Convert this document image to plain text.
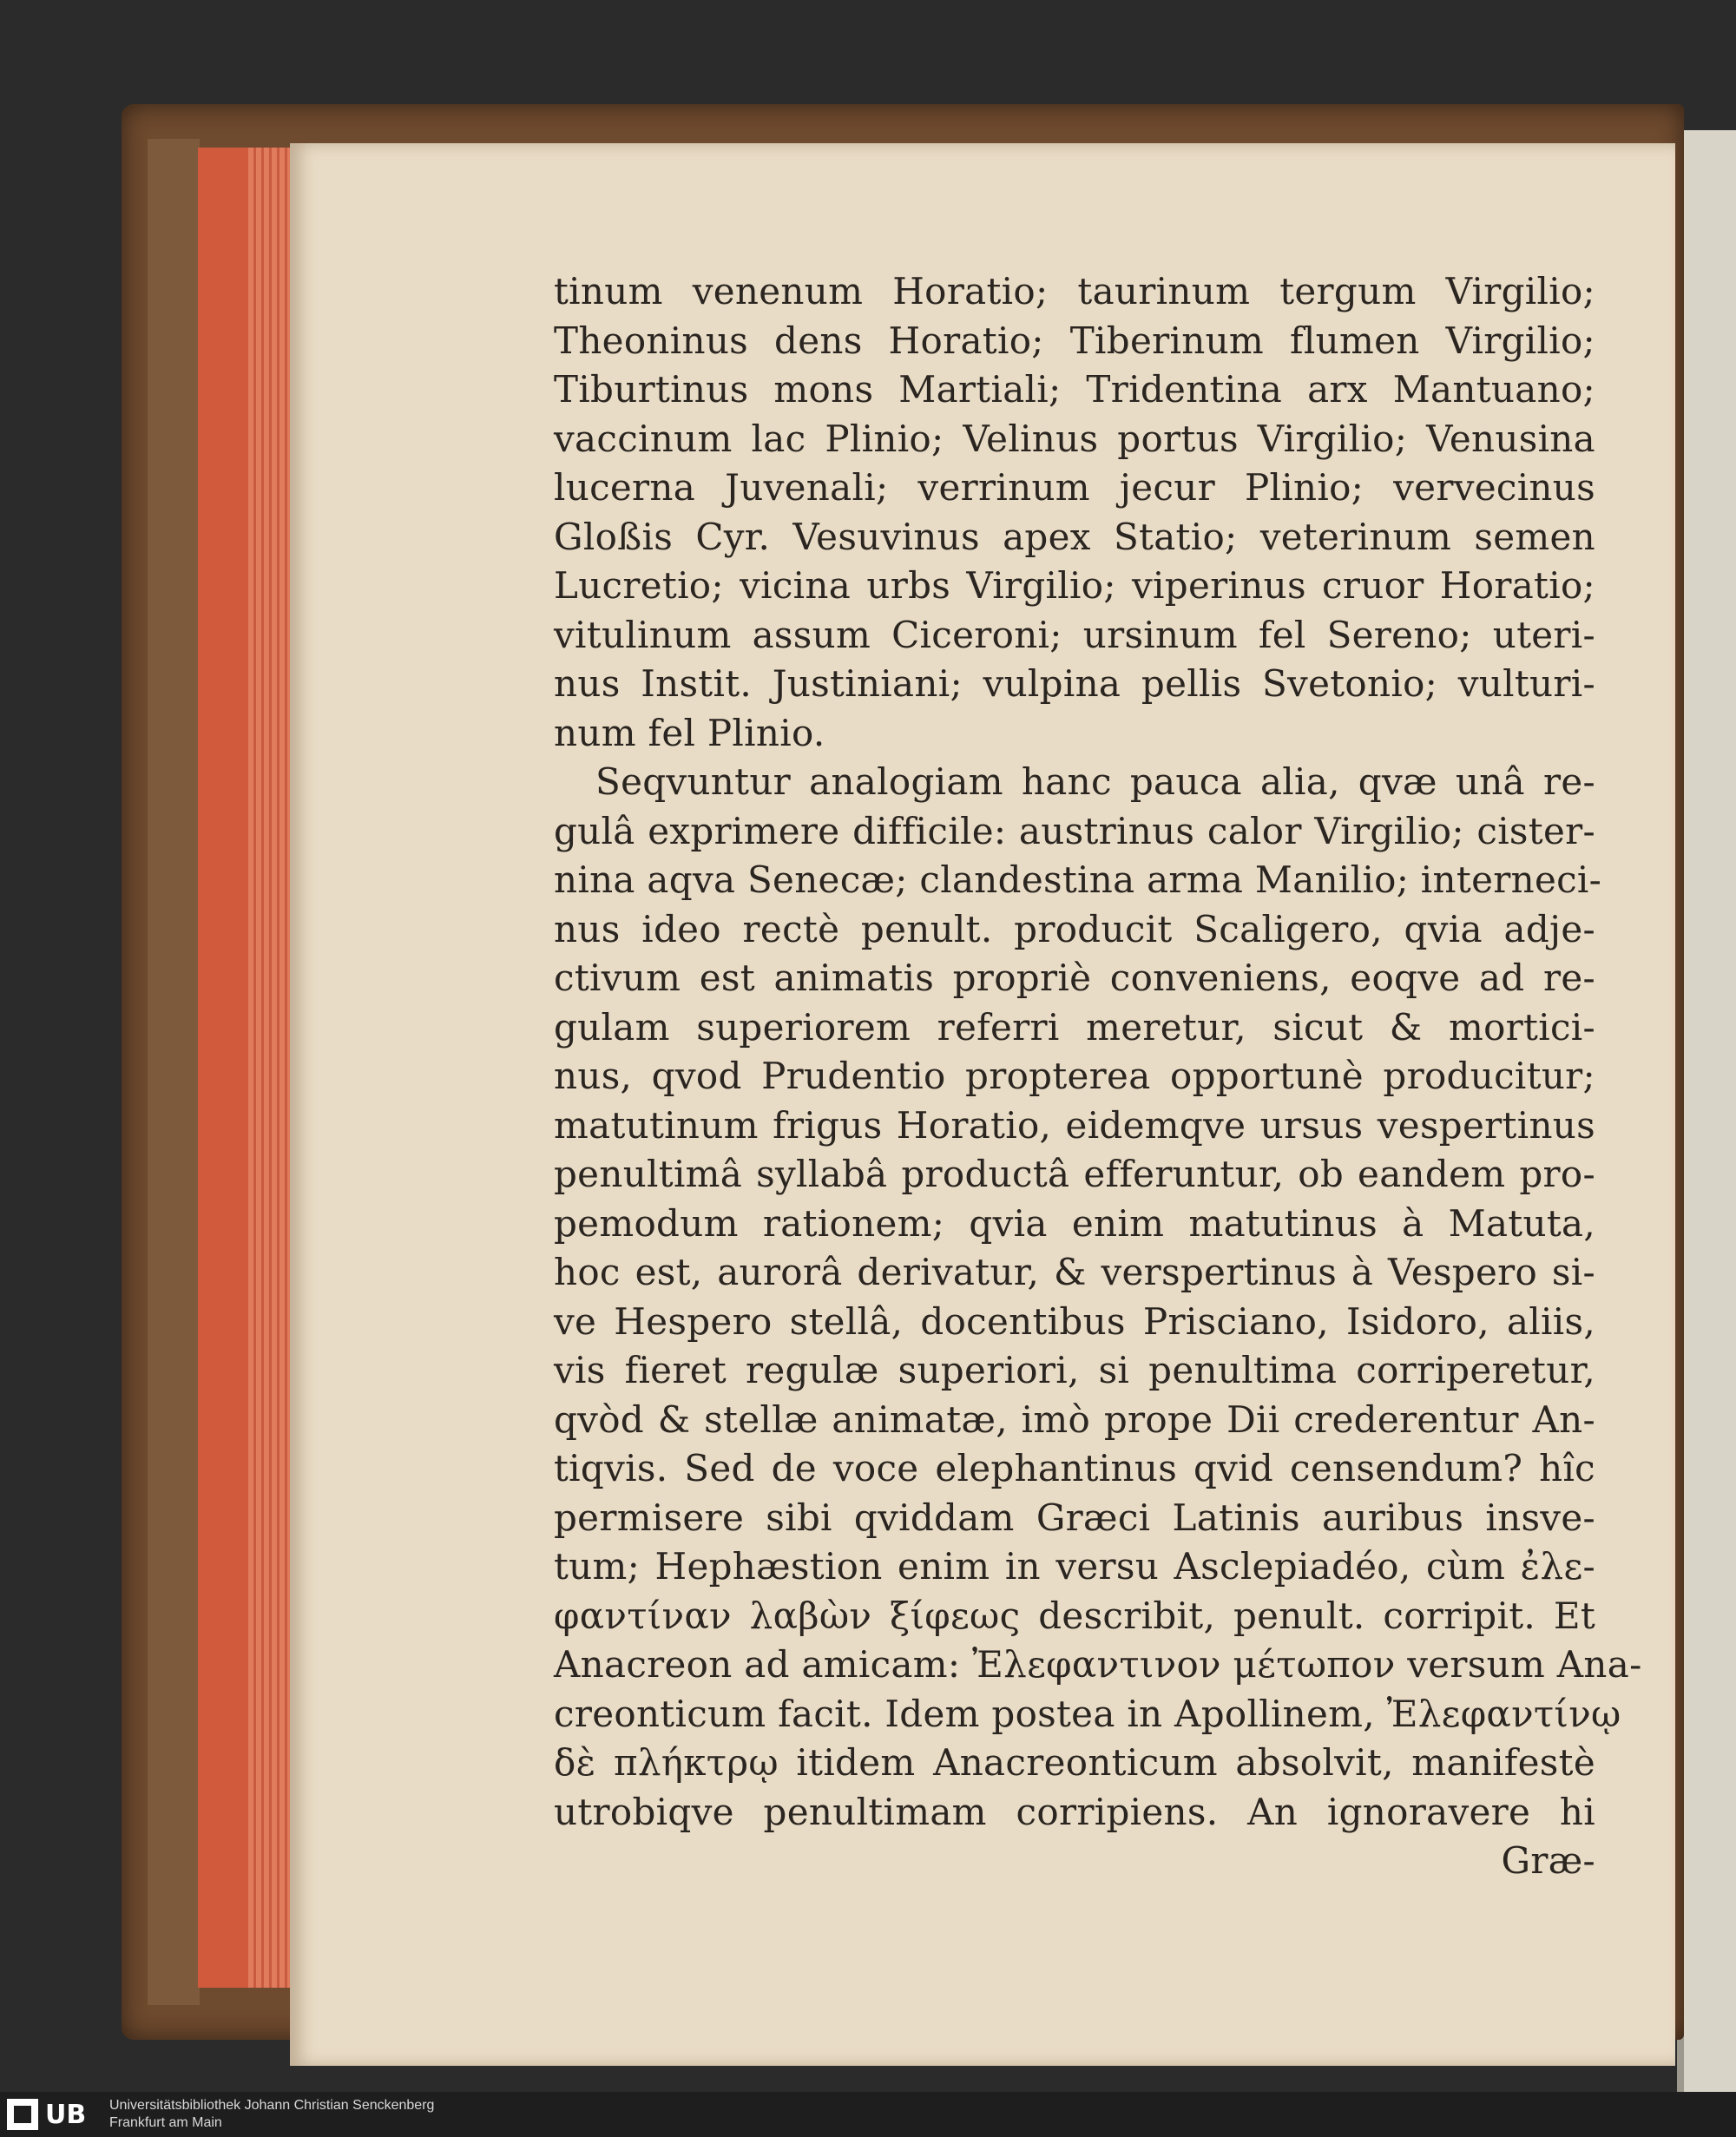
tinum venenum Horatio; taurinum tergum Virgilio;
Theoninus dens Horatio; Tiberinum flumen Virgilio;
Tiburtinus mons Martiali; Tridentina arx Mantuano;
vaccinum lac Plinio; Velinus portus Virgilio; Venusina
lucerna Juvenali; verrinum jecur Plinio; vervecinus
Gloßis Cyr. Vesuvinus apex Statio; veterinum semen
Lucretio; vicina urbs Virgilio; viperinus cruor Horatio;
vitulinum assum Ciceroni; ursinum fel Sereno; uteri-
nus Instit. Justiniani; vulpina pellis Svetonio; vulturi-
num fel Plinio.
Seqvuntur analogiam hanc pauca alia, qvæ unâ re-
gulâ exprimere difficile: austrinus calor Virgilio; cister-
nina aqva Senecæ; clandestina arma Manilio; interneci-
nus ideo rectè penult. producit Scaligero, qvia adje-
ctivum est animatis propriè conveniens, eoqve ad re-
gulam superiorem referri meretur, sicut & mortici-
nus, qvod Prudentio propterea opportunè producitur;
matutinum frigus Horatio, eidemqve ursus vespertinus
penultimâ syllabâ productâ efferuntur, ob eandem pro-
pemodum rationem; qvia enim matutinus à Matuta,
hoc est, aurorâ derivatur, & verspertinus à Vespero si-
ve Hespero stellâ, docentibus Prisciano, Isidoro, aliis,
vis fieret regulæ superiori, si penultima corriperetur,
qvòd & stellæ animatæ, imò prope Dii crederentur An-
tiqvis. Sed de voce elephantinus qvid censendum? hîc
permisere sibi qviddam Græci Latinis auribus insve-
tum; Hephæstion enim in versu Asclepiadéo, cùm ἐλε-
φαντίναν λαβὼν ξίφεως describit, penult. corripit. Et
Anacreon ad amicam: Ἐλεφαντινον μέτωπον versum Ana-
creonticum facit. Idem postea in Apollinem, Ἐλεφαντίνῳ
δὲ πλήκτρῳ itidem Anacreonticum absolvit, manifestè
utrobiqve penultimam corripiens. An ignoravere hi
Græ-
UB Universitätsbibliothek Johann Christian Senckenberg
Frankfurt am Main
